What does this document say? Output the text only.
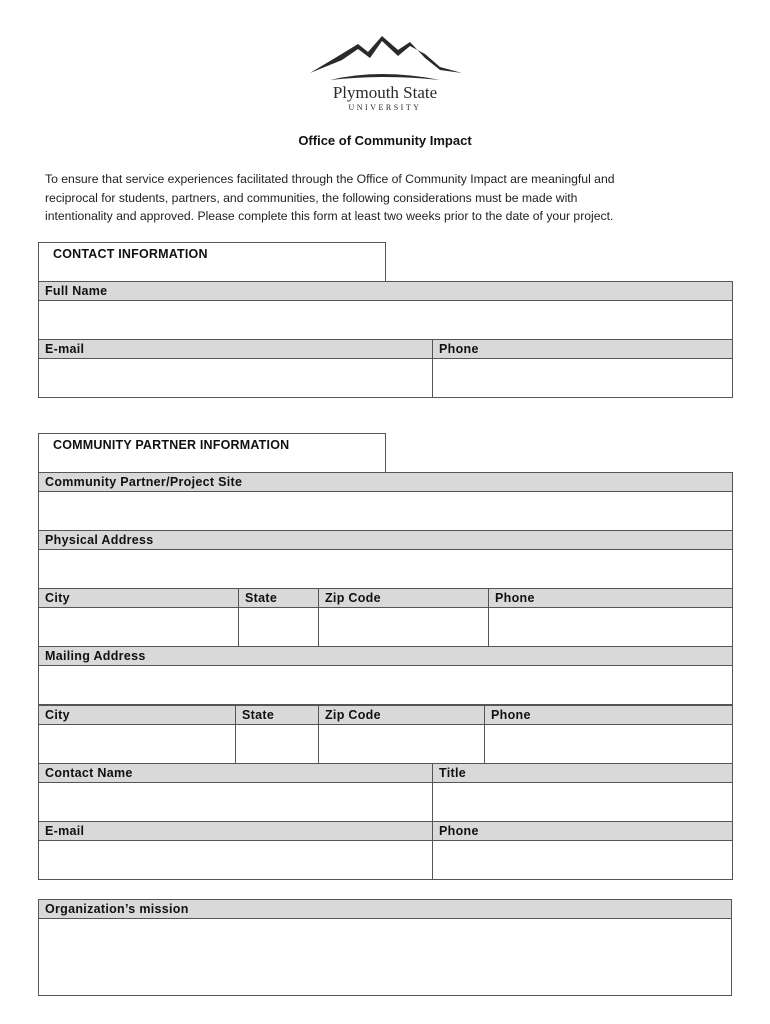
Plymouth State
UNIVERSITY
Office of Community Impact

To ensure that service experiences facilitated through the Office of Community Impact are meaningful and

reciprocal for students, partners, and communities, the following considerations must be made with

intentionality and approved. Please complete this form at least two weeks prior to the date of your project.

CONTACT INFORMATION
Full Name	

E-mail	Phone

COMMUNITY PARTNER INFORMATION
Community Partner/Project Site			

Physical Address			

City	State	Zip Code	Phone

Mailing Address			

City	State	Zip Code	Phone

Contact Name	Title

E-mail	Phone

Organization’s mission
